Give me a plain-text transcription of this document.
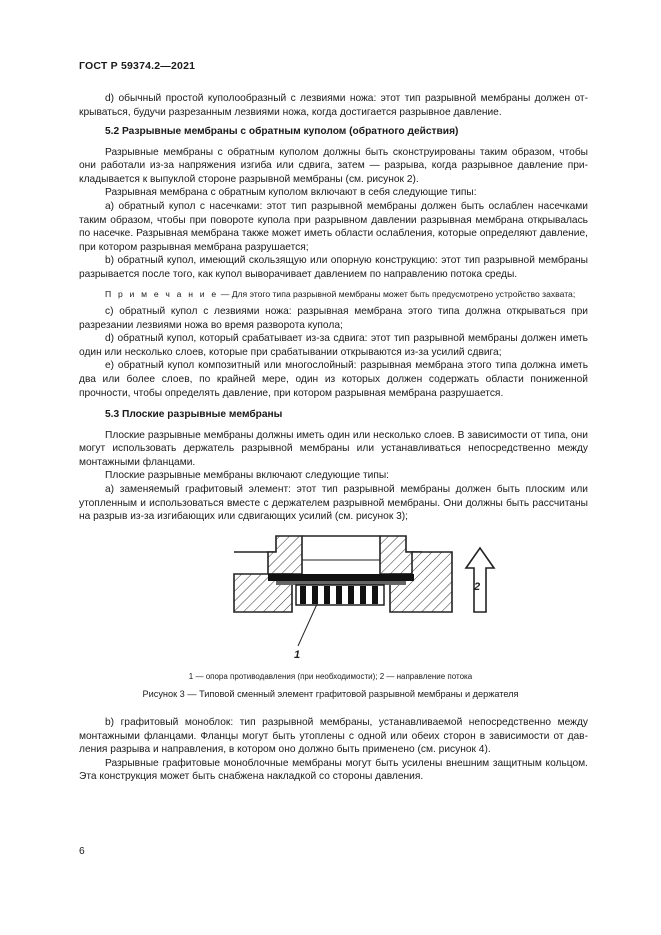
ГОСТ Р 59374.2—2021

d) обычный простой куполообразный с лезвиями ножа: этот тип разрывной мембраны должен открываться, будучи разрезанным лезвиями ножа, когда достигается разрывное давление.

5.2 Разрывные мембраны с обратным куполом (обратного действия)

Разрывные мембраны с обратным куполом должны быть сконструированы таким образом, чтобы они работали из-за напряжения изгиба или сдвига, затем — разрыва, когда разрывное давление прикладывается к выпуклой стороне разрывной мембраны (см. рисунок 2).

Разрывная мембрана с обратным куполом включают в себя следующие типы:

a) обратный купол с насечками: этот тип разрывной мембраны должен быть ослаблен насечками таким образом, чтобы при повороте купола при разрывном давлении разрывная мембрана открывалась по насечке. Разрывная мембрана также может иметь области ослабления, которые определяют давление, при котором разрывная мембрана разрушается;

b) обратный купол, имеющий скользящую или опорную конструкцию: этот тип разрывной мембраны разрывается после того, как купол выворачивает давлением по направлению потока среды.

П р и м е ч а н и е — Для этого типа разрывной мембраны может быть предусмотрено устройство захвата;

c) обратный купол с лезвиями ножа: разрывная мембрана этого типа должна открываться при разрезании лезвиями ножа во время разворота купола;

d) обратный купол, который срабатывает из-за сдвига: этот тип разрывной мембраны должен иметь один или несколько слоев, которые при срабатывании открываются из-за усилий сдвига;

e) обратный купол композитный или многослойный: разрывная мембрана этого типа должна иметь два или более слоев, по крайней мере, один из которых должен содержать области пониженной прочности, чтобы определять давление, при котором разрывная мембрана разрушается.

5.3 Плоские разрывные мембраны

Плоские разрывные мембраны должны иметь один или несколько слоев. В зависимости от типа, они могут использовать держатель разрывной мембраны или устанавливаться непосредственно между монтажными фланцами.

Плоские разрывные мембраны включают следующие типы:

a) заменяемый графитовый элемент: этот тип разрывной мембраны должен быть плоским или утопленным и использоваться вместе с держателем разрывной мембраны. Они должны быть рассчитаны на разрыв из-за изгибающих или сдвигающих усилий (см. рисунок 3);

1
2
1 — опора противодавления (при необходимости); 2 — направление потока
Рисунок 3 — Типовой сменный элемент графитовой разрывной мембраны и держателя

b) графитовый моноблок: тип разрывной мембраны, устанавливаемой непосредственно между монтажными фланцами. Фланцы могут быть утоплены с одной или обеих сторон в зависимости от давления разрыва и направления, в котором оно должно быть применено (см. рисунок 4).

Разрывные графитовые моноблочные мембраны могут быть усилены внешним защитным кольцом. Эта конструкция может быть снабжена накладкой со стороны давления.

6
